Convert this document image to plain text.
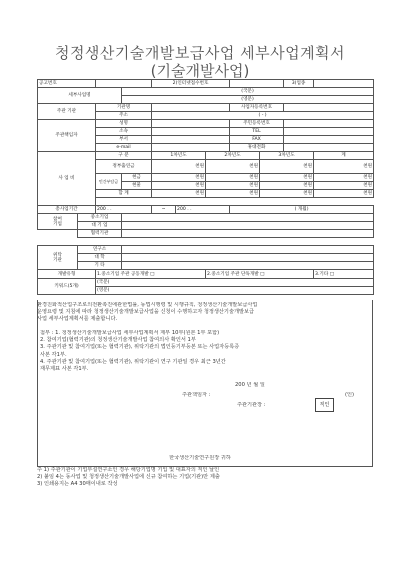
청정생산기술개발보급사업 세부사업계획서
(기술개발사업)
공고번호				2)인터넷접수번호					3)업종	
세부사업명			(국문)							
			(영문)							
주관 기관		기관명					사업자등록번호			
		주소		( - )						
주관책임자		성명					주민등록번호			
		소속					TEL			
		부서					FAX			
		e-mail					휴대전화			
사 업 비		구 분		1차년도		2차년도		3차년도		계
		정부출연금		천원		천원		천원		천원
		민간부담금	현금	천원		천원		천원		천원
			현물	천원		천원		천원		천원
		합 계		천원		천원		천원		천원

총사업기간		200 . .		~	200 . .		( 개월)			
참여
기업	중소기업									
	대 기 업									
	협력기관									

위탁
기관	연구소									
	대 학									
	기 타									
개발유형		1.중소기업 주관 공동개발 □				2.중소기업 주관 단독개발 □				3.기타 □
키워드(5개)		(국문)								
		(영문)								
환경친화적산업구조로의전환촉진에관한법률, 동법시행령 및 시행규칙, 청정생산기술개발보급사업
운영요령 및 지침에 따라 청정생산기술개발보급사업을 신청이 수행하고자 청정생산기술개발보급
사업 세부사업계획서를 제출합니다.
첨부 : 1. 청정생산기술개발보급사업 세부사업계획서 제부 10부(원본 1부 포함)
2. 참여기업(협력기관)의 청정생산기술개발사업 참여의사 확인서 1부
3. 주관기관 및 참여기업(또는 협력기관), 위탁기관의 법인등기부등본 또는 사업자등록증
사본 각1부.
4. 주관기관 및 참여기업(또는 협력기관), 위탁기관이 연구 기관일 경우 최근 3년간
재무제표 사본 각1부.
200 년 월 일
주관책임자 :	(인)
주관기관장 :	직인
한국생산기술연구원장 귀하
주 1) 주관기관이 기업부설연구소인 경우 해당기업명 기입 및 대표자의 직인 날인
2) 붙임 4는 동사업 및 청정생산기술개발사업에 신규 참여하는 기업(기관)만 제출
3) 인쇄용지는 A4 30매이내로 작성
